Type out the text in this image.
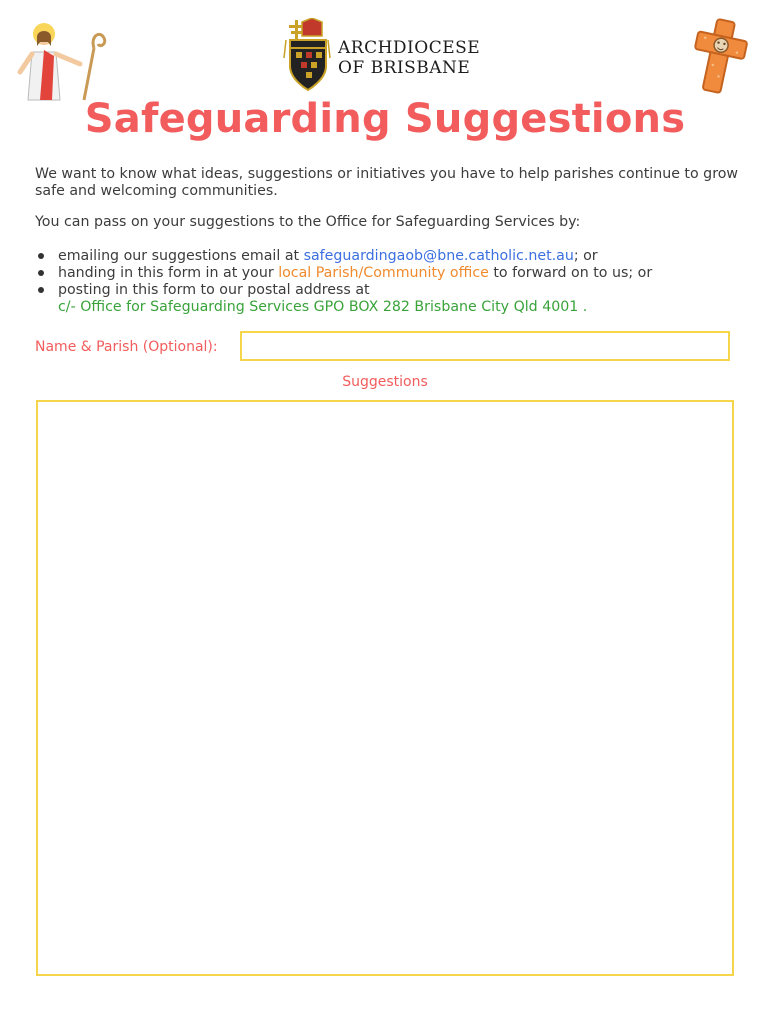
ARCHDIOCESE
OF BRISBANE
Safeguarding Suggestions
We want to know what ideas, suggestions or initiatives you have to help parishes continue to grow safe and welcoming communities.
You can pass on your suggestions to the Office for Safeguarding Services by:
emailing our suggestions email at safeguardingaob@bne.catholic.net.au; or
handing in this form in at your local Parish/Community office to forward on to us; or
posting in this form to our postal address at
c/- Office for Safeguarding Services GPO BOX 282 Brisbane City Qld 4001 .
Name & Parish (Optional):
Suggestions
